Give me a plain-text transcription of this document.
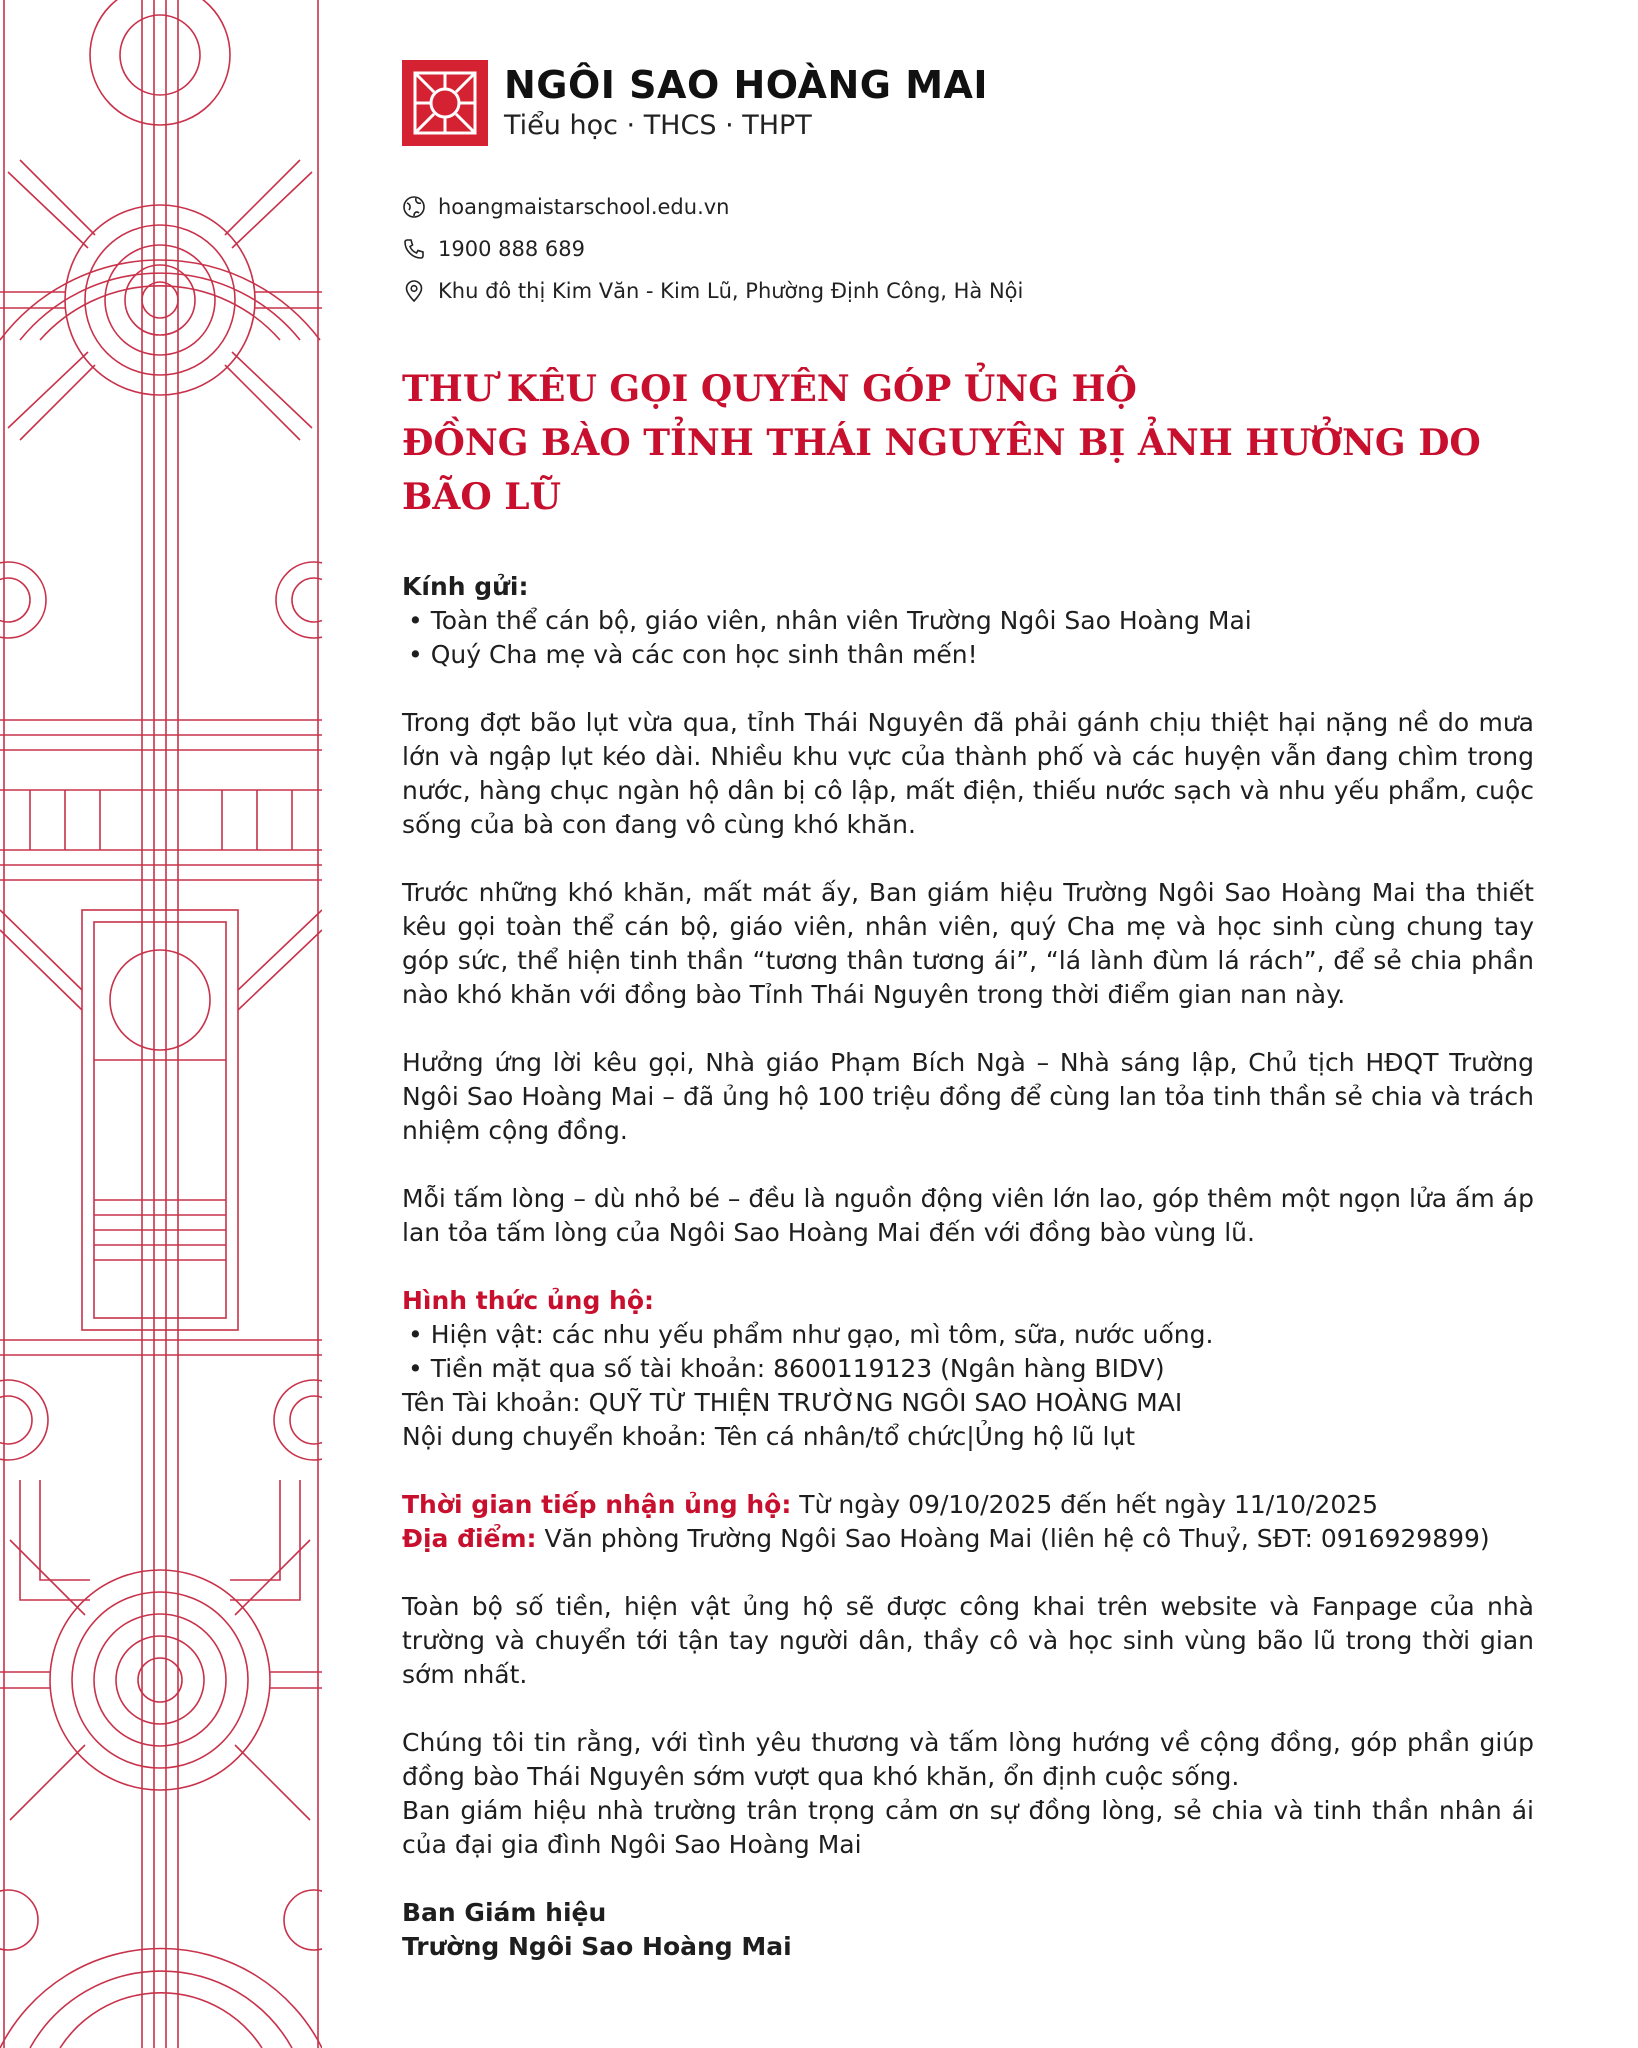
NGÔI SAO HOÀNG MAI
Tiểu học · THCS · THPT
hoangmaistarschool.edu.vn
1900 888 689
Khu đô thị Kim Văn - Kim Lũ, Phường Định Công, Hà Nội
THƯ KÊU GỌI QUYÊN GÓP ỦNG HỘ
ĐỒNG BÀO TỈNH THÁI NGUYÊN BỊ ẢNH HƯỞNG DO BÃO LŨ
Kính gửi:
• Toàn thể cán bộ, giáo viên, nhân viên Trường Ngôi Sao Hoàng Mai
• Quý Cha mẹ và các con học sinh thân mến!
Trong đợt bão lụt vừa qua, tỉnh Thái Nguyên đã phải gánh chịu thiệt hại nặng nề do mưa lớn và ngập lụt kéo dài. Nhiều khu vực của thành phố và các huyện vẫn đang chìm trong nước, hàng chục ngàn hộ dân bị cô lập, mất điện, thiếu nước sạch và nhu yếu phẩm, cuộc sống của bà con đang vô cùng khó khăn.
Trước những khó khăn, mất mát ấy, Ban giám hiệu Trường Ngôi Sao Hoàng Mai tha thiết kêu gọi toàn thể cán bộ, giáo viên, nhân viên, quý Cha mẹ và học sinh cùng chung tay góp sức, thể hiện tinh thần “tương thân tương ái”, “lá lành đùm lá rách”, để sẻ chia phần nào khó khăn với đồng bào Tỉnh Thái Nguyên trong thời điểm gian nan này.
Hưởng ứng lời kêu gọi, Nhà giáo Phạm Bích Ngà – Nhà sáng lập, Chủ tịch HĐQT Trường Ngôi Sao Hoàng Mai – đã ủng hộ 100 triệu đồng để cùng lan tỏa tinh thần sẻ chia và trách nhiệm cộng đồng.
Mỗi tấm lòng – dù nhỏ bé – đều là nguồn động viên lớn lao, góp thêm một ngọn lửa ấm áp lan tỏa tấm lòng của Ngôi Sao Hoàng Mai đến với đồng bào vùng lũ.
Hình thức ủng hộ:
• Hiện vật: các nhu yếu phẩm như gạo, mì tôm, sữa, nước uống.
• Tiền mặt qua số tài khoản: 8600119123 (Ngân hàng BIDV)
Tên Tài khoản: QUỸ TỪ THIỆN TRƯỜNG NGÔI SAO HOÀNG MAI
Nội dung chuyển khoản: Tên cá nhân/tổ chức|Ủng hộ lũ lụt
Thời gian tiếp nhận ủng hộ: Từ ngày 09/10/2025 đến hết ngày 11/10/2025
Địa điểm: Văn phòng Trường Ngôi Sao Hoàng Mai (liên hệ cô Thuỷ, SĐT: 0916929899)
Toàn bộ số tiền, hiện vật ủng hộ sẽ được công khai trên website và Fanpage của nhà trường và chuyển tới tận tay người dân, thầy cô và học sinh vùng bão lũ trong thời gian sớm nhất.
Chúng tôi tin rằng, với tình yêu thương và tấm lòng hướng về cộng đồng, góp phần giúp đồng bào Thái Nguyên sớm vượt qua khó khăn, ổn định cuộc sống.
Ban giám hiệu nhà trường trân trọng cảm ơn sự đồng lòng, sẻ chia và tinh thần nhân ái của đại gia đình Ngôi Sao Hoàng Mai
Ban Giám hiệu
Trường Ngôi Sao Hoàng Mai
